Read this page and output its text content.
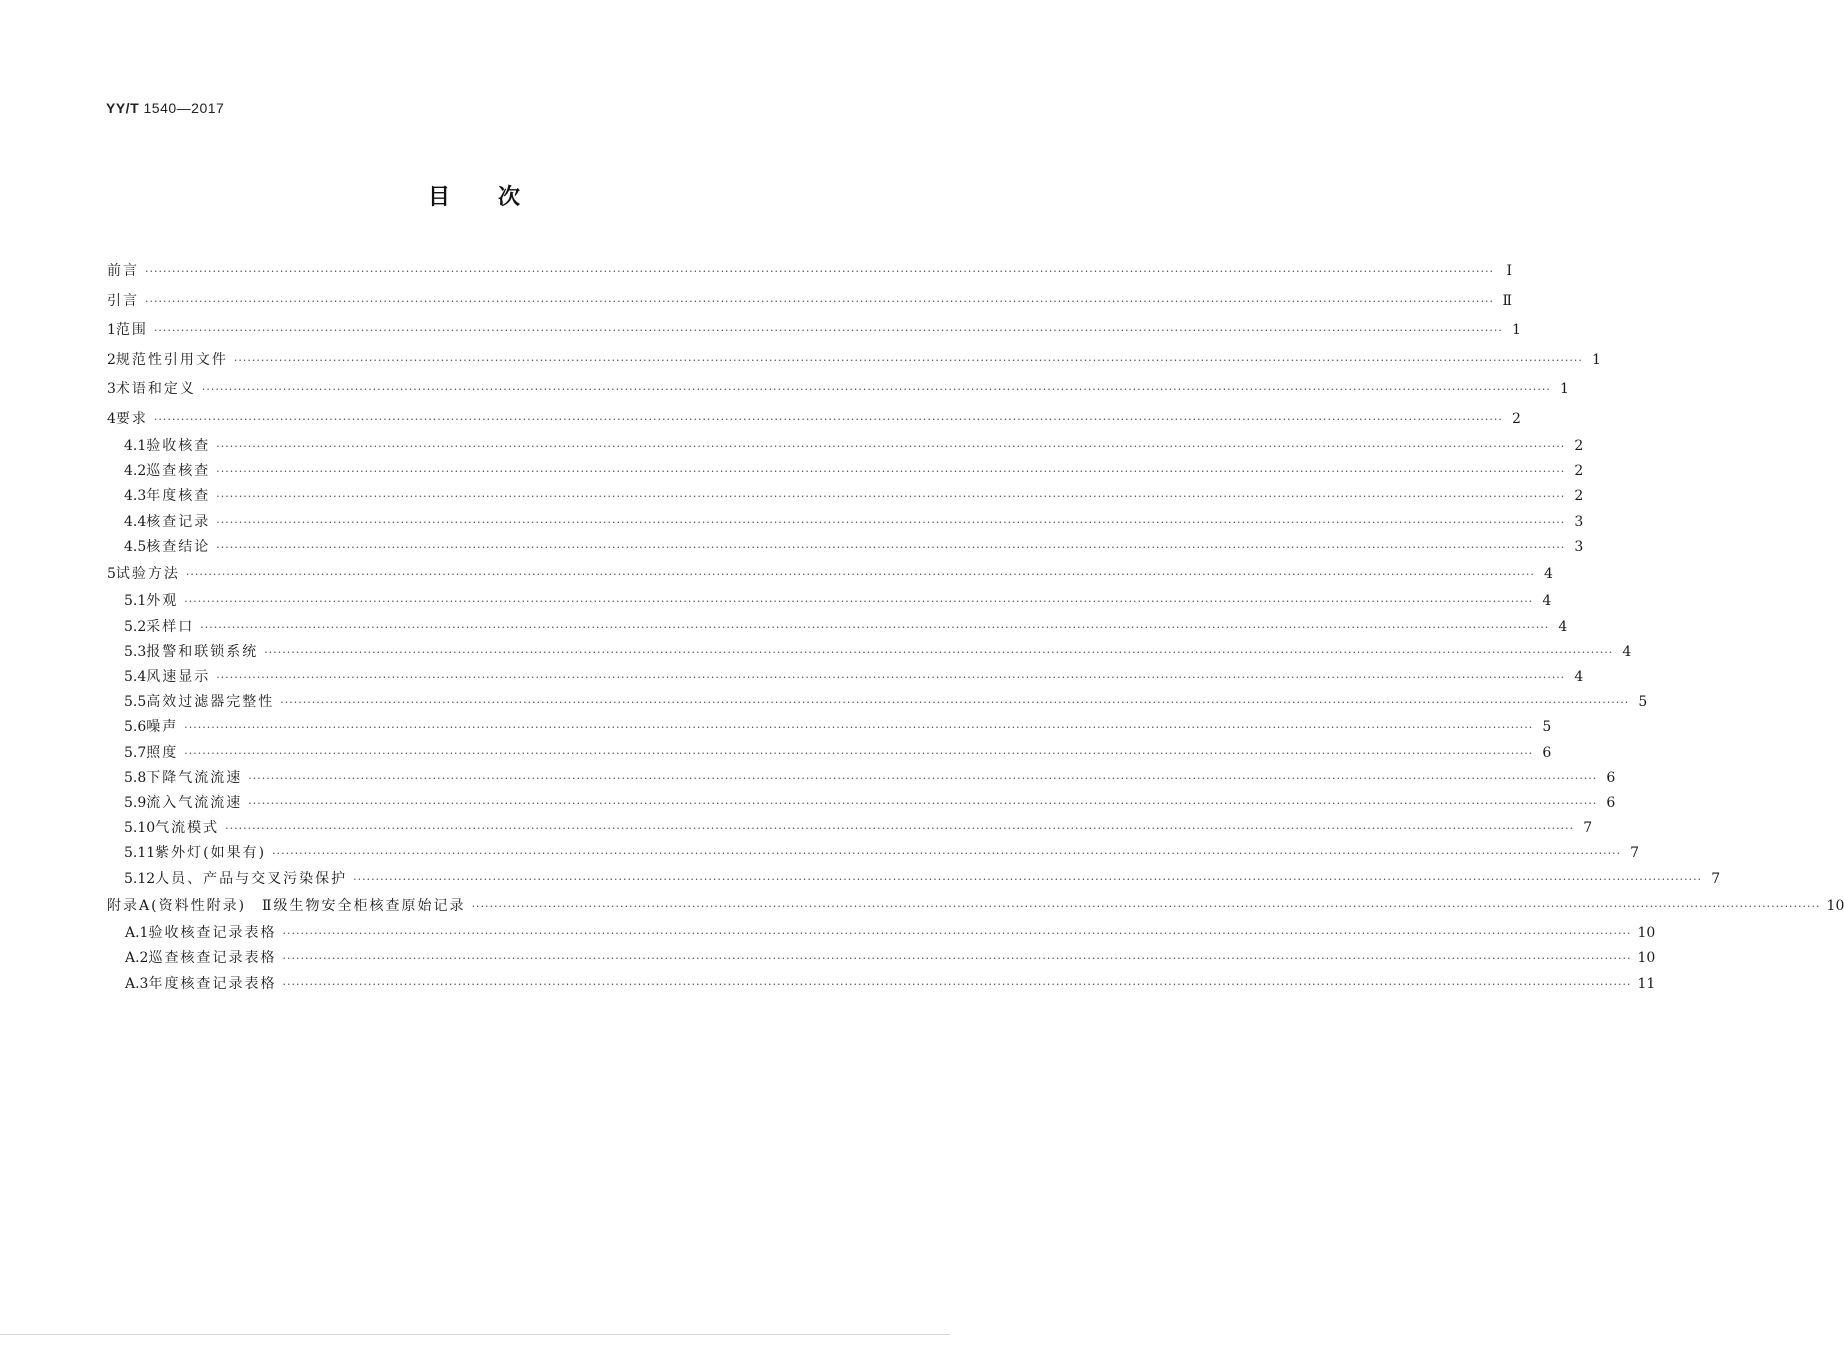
YY/T 1540—2017
目 次
前言 ············································································································································································································································································································ Ⅰ
引言 ············································································································································································································································································································ Ⅱ
1 范围 ············································································································································································································································································································ 1
2 规范性引用文件 ············································································································································································································································································································ 1
3 术语和定义 ············································································································································································································································································································ 1
4 要求 ············································································································································································································································································································ 2
4.1 验收核查 ············································································································································································································································································································ 2
4.2 巡查核查 ············································································································································································································································································································ 2
4.3 年度核查 ············································································································································································································································································································ 2
4.4 核查记录 ············································································································································································································································································································ 3
4.5 核查结论 ············································································································································································································································································································ 3
5 试验方法 ············································································································································································································································································································ 4
5.1 外观 ············································································································································································································································································································ 4
5.2 采样口 ············································································································································································································································································································ 4
5.3 报警和联锁系统 ············································································································································································································································································································ 4
5.4 风速显示 ············································································································································································································································································································ 4
5.5 高效过滤器完整性 ············································································································································································································································································································ 5
5.6 噪声 ············································································································································································································································································································ 5
5.7 照度 ············································································································································································································································································································ 6
5.8 下降气流流速 ············································································································································································································································································································ 6
5.9 流入气流流速 ············································································································································································································································································································ 6
5.10 气流模式 ············································································································································································································································································································ 7
5.11 紫外灯(如果有) ············································································································································································································································································································ 7
5.12 人员、产品与交叉污染保护 ············································································································································································································································································································ 7
附录A(资料性附录)　Ⅱ级生物安全柜核查原始记录 ············································································································································································································································································································ 10
A.1 验收核查记录表格 ············································································································································································································································································································ 10
A.2 巡查核查记录表格 ············································································································································································································································································································ 10
A.3 年度核查记录表格 ············································································································································································································································································································ 11
